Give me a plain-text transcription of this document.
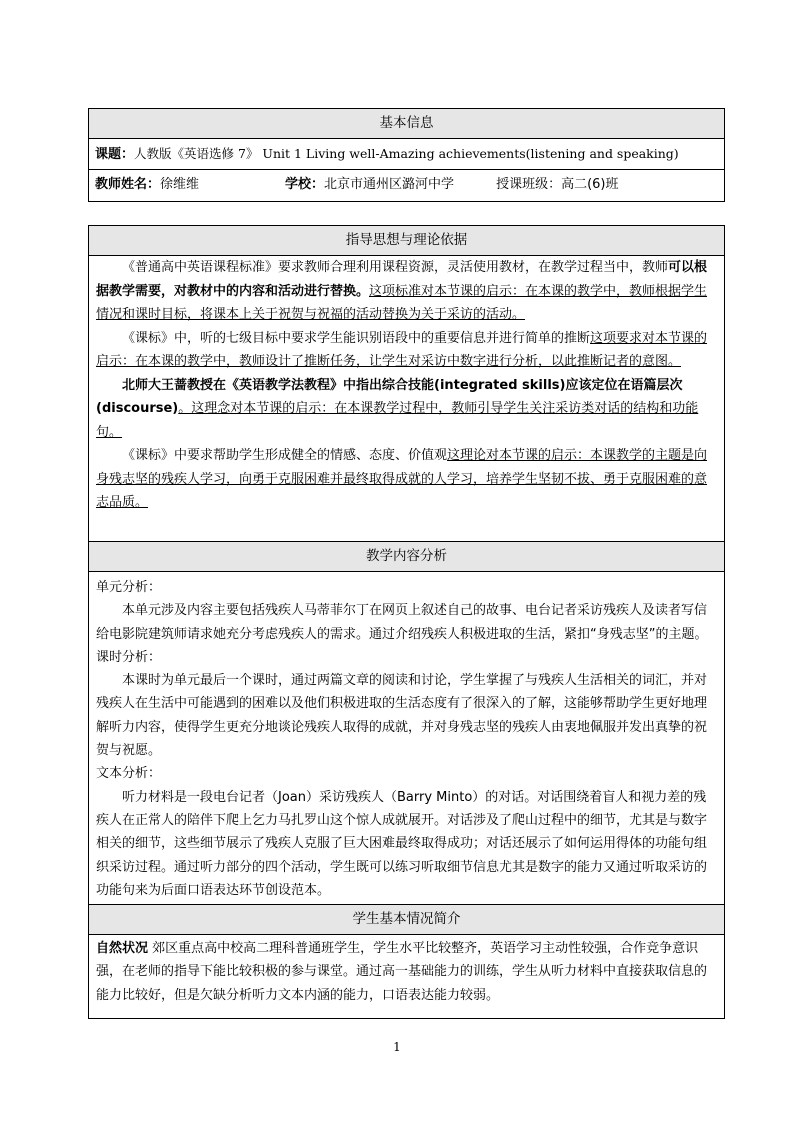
基本信息
课题：人教版《英语选修 7》 Unit 1 Living well-Amazing achievements(listening and speaking)
教师姓名：徐维维	学校：北京市通州区潞河中学	授课班级：高二(6)班
指导思想与理论依据

《普通高中英语课程标准》要求教师合理利用课程资源，灵活使用教材，在教学过程当中，教师可以根据教学需要，对教材中的内容和活动进行替换。这项标准对本节课的启示：在本课的教学中，教师根据学生情况和课时目标，将课本上关于祝贺与祝福的活动替换为关于采访的活动。

《课标》中，听的七级目标中要求学生能识别语段中的重要信息并进行简单的推断这项要求对本节课的启示：在本课的教学中，教师设计了推断任务，让学生对采访中数字进行分析，以此推断记者的意图。

北师大王蔷教授在《英语教学法教程》中指出综合技能(integrated skills)应该定位在语篇层次(discourse)。这理念对本节课的启示：在本课教学过程中，教师引导学生关注采访类对话的结构和功能句。

《课标》中要求帮助学生形成健全的情感、态度、价值观这理论对本节课的启示：本课教学的主题是向身残志坚的残疾人学习，向勇于克服困难并最终取得成就的人学习，培养学生坚韧不拔、勇于克服困难的意志品质。

教学内容分析

单元分析：

本单元涉及内容主要包括残疾人马蒂菲尔丁在网页上叙述自己的故事、电台记者采访残疾人及读者写信给电影院建筑师请求她充分考虑残疾人的需求。通过介绍残疾人积极进取的生活，紧扣“身残志坚”的主题。

课时分析：

本课时为单元最后一个课时，通过两篇文章的阅读和讨论，学生掌握了与残疾人生活相关的词汇，并对残疾人在生活中可能遇到的困难以及他们积极进取的生活态度有了很深入的了解，这能够帮助学生更好地理解听力内容，使得学生更充分地谈论残疾人取得的成就，并对身残志坚的残疾人由衷地佩服并发出真挚的祝贺与祝愿。

文本分析：

听力材料是一段电台记者（Joan）采访残疾人（Barry Minto）的对话。对话围绕着盲人和视力差的残疾人在正常人的陪伴下爬上乞力马扎罗山这个惊人成就展开。对话涉及了爬山过程中的细节，尤其是与数字相关的细节，这些细节展示了残疾人克服了巨大困难最终取得成功；对话还展示了如何运用得体的功能句组织采访过程。通过听力部分的四个活动，学生既可以练习听取细节信息尤其是数字的能力又通过听取采访的功能句来为后面口语表达环节创设范本。

学生基本情况简介

自然状况 郊区重点高中校高二理科普通班学生，学生水平比较整齐，英语学习主动性较强，合作竞争意识强，在老师的指导下能比较积极的参与课堂。通过高一基础能力的训练，学生从听力材料中直接获取信息的能力比较好，但是欠缺分析听力文本内涵的能力，口语表达能力较弱。

1
